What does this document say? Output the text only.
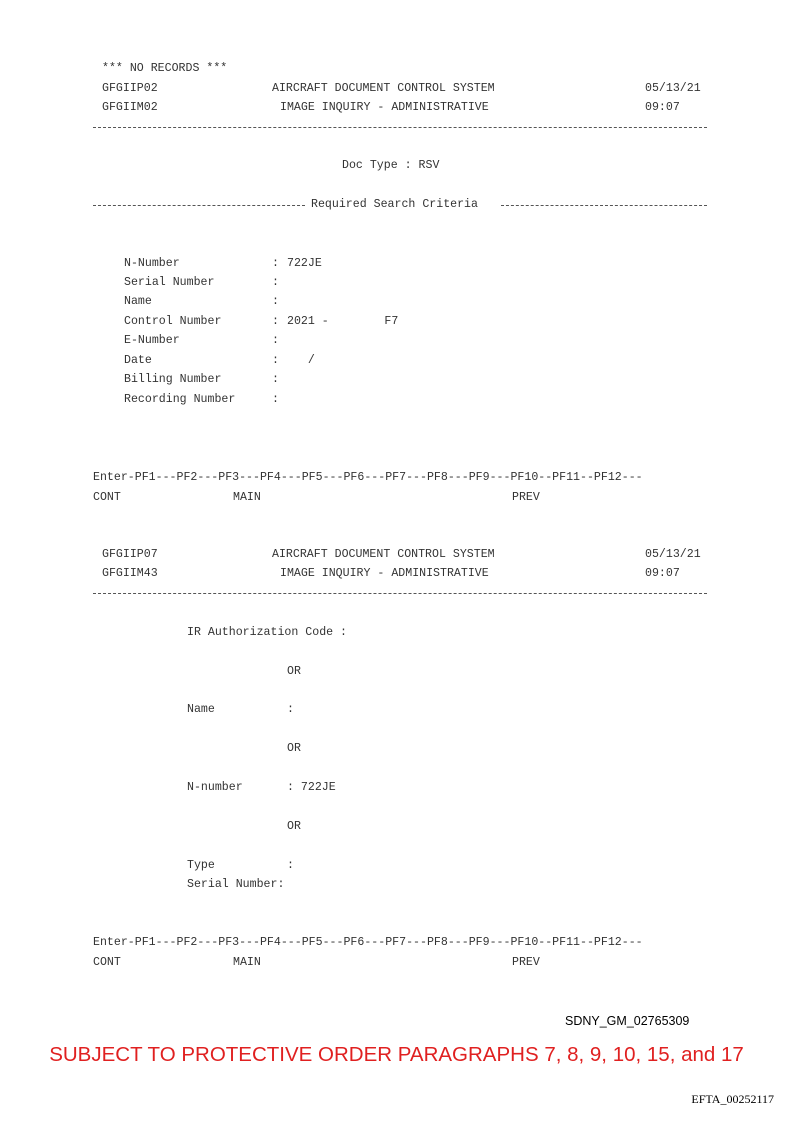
*** NO RECORDS ***
GFGIIP02	AIRCRAFT DOCUMENT CONTROL SYSTEM	05/13/21
GFGIIM02	IMAGE INQUIRY - ADMINISTRATIVE	09:07
Doc Type : RSV
Required Search Criteria
N-Number	: 722JE
Serial Number	:
Name	:
Control Number	: 2021 -        F7
E-Number	:
Date	: /
Billing Number	:
Recording Number	:
Enter-PF1---PF2---PF3---PF4---PF5---PF6---PF7---PF8---PF9---PF10--PF11--PF12---
CONT	MAIN	PREV
GFGIIP07	AIRCRAFT DOCUMENT CONTROL SYSTEM	05/13/21
GFGIIM43	IMAGE INQUIRY - ADMINISTRATIVE	09:07
IR Authorization Code :
OR
Name	:
OR
N-number	: 722JE
OR
Type	:
Serial Number:
Enter-PF1---PF2---PF3---PF4---PF5---PF6---PF7---PF8---PF9---PF10--PF11--PF12---
CONT	MAIN	PREV
SDNY_GM_02765309
SUBJECT TO PROTECTIVE ORDER PARAGRAPHS 7, 8, 9, 10, 15, and 17
EFTA_00252117
